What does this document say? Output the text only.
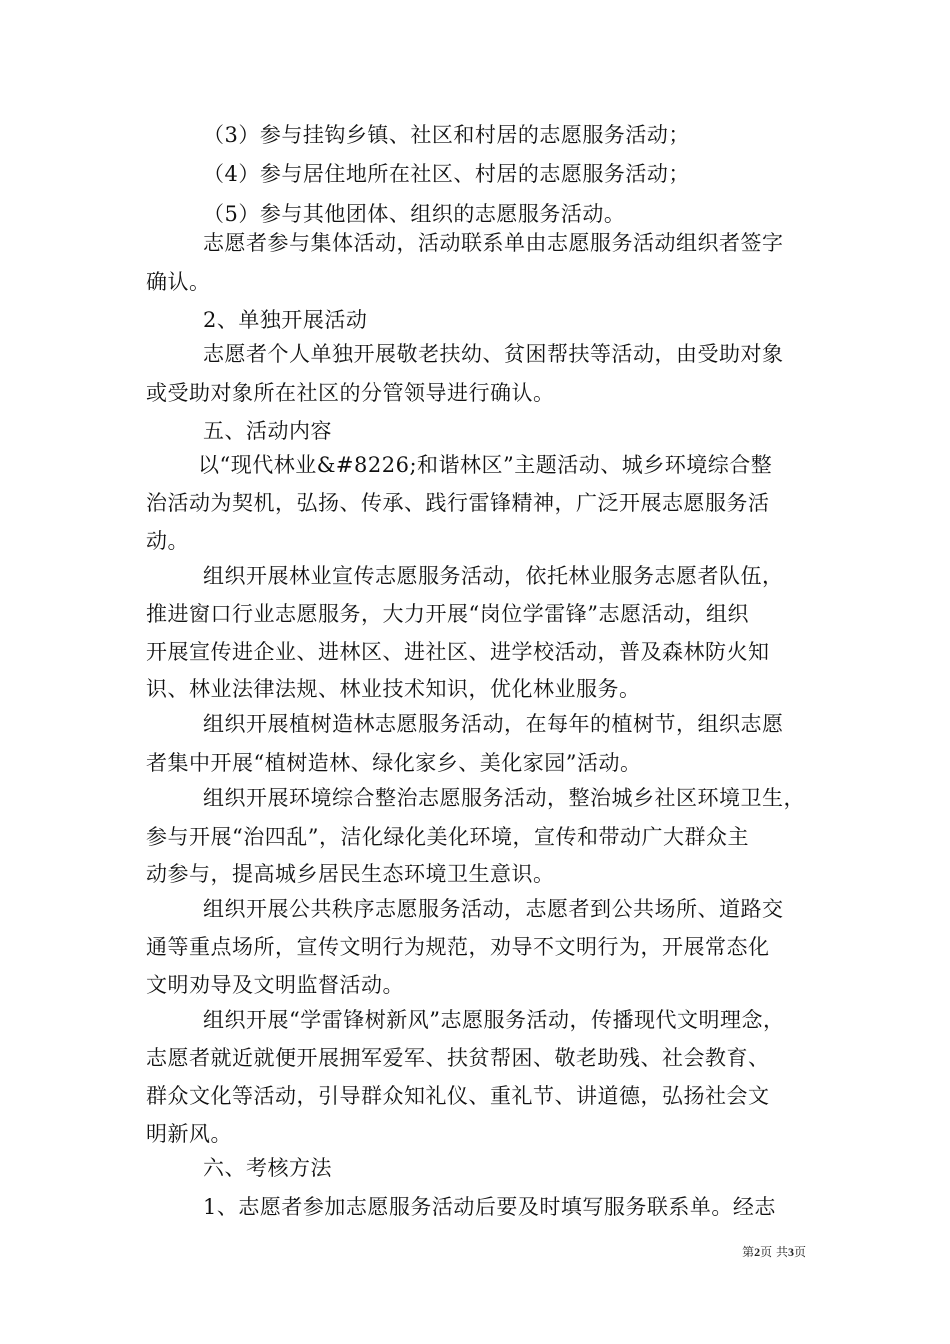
（3）参与挂钩乡镇、社区和村居的志愿服务活动；
（4）参与居住地所在社区、村居的志愿服务活动；
（5）参与其他团体、组织的志愿服务活动。
志愿者参与集体活动，活动联系单由志愿服务活动组织者签字
确认。
2、单独开展活动
志愿者个人单独开展敬老扶幼、贫困帮扶等活动，由受助对象
或受助对象所在社区的分管领导进行确认。
五、活动内容
以“现代林业&#8226;和谐林区”主题活动、城乡环境综合整
治活动为契机，弘扬、传承、践行雷锋精神，广泛开展志愿服务活
动。
组织开展林业宣传志愿服务活动，依托林业服务志愿者队伍，
推进窗口行业志愿服务，大力开展“岗位学雷锋”志愿活动，组织
开展宣传进企业、进林区、进社区、进学校活动，普及森林防火知
识、林业法律法规、林业技术知识，优化林业服务。
组织开展植树造林志愿服务活动，在每年的植树节，组织志愿
者集中开展“植树造林、绿化家乡、美化家园”活动。
组织开展环境综合整治志愿服务活动，整治城乡社区环境卫生，
参与开展“治四乱”，洁化绿化美化环境，宣传和带动广大群众主
动参与，提高城乡居民生态环境卫生意识。
组织开展公共秩序志愿服务活动，志愿者到公共场所、道路交
通等重点场所，宣传文明行为规范，劝导不文明行为，开展常态化
文明劝导及文明监督活动。
组织开展“学雷锋树新风”志愿服务活动，传播现代文明理念，
志愿者就近就便开展拥军爱军、扶贫帮困、敬老助残、社会教育、
群众文化等活动，引导群众知礼仪、重礼节、讲道德，弘扬社会文
明新风。
六、考核方法
1、志愿者参加志愿服务活动后要及时填写服务联系单。经志
第2页 共3页
